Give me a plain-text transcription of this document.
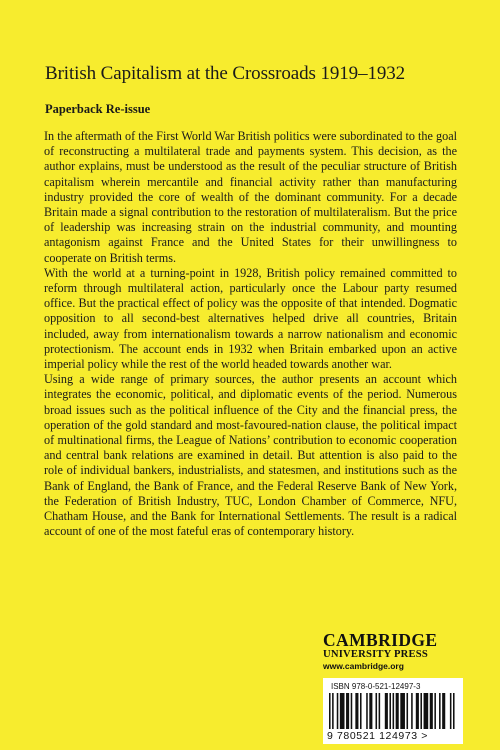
British Capitalism at the Crossroads 1919–1932
Paperback Re-issue

In the aftermath of the First World War British politics were subordinated to the goal of reconstructing a multilateral trade and payments system. This decision, as the author explains, must be understood as the result of the peculiar structure of British capitalism wherein mercantile and financial activity rather than manufacturing industry provided the core of wealth of the dominant community. For a decade Britain made a signal contribution to the restoration of multilateralism. But the price of leadership was increasing strain on the industrial community, and mounting antagonism against France and the United States for their unwillingness to cooperate on British terms.

With the world at a turning-point in 1928, British policy remained committed to reform through multilateral action, particularly once the Labour party resumed office. But the practical effect of policy was the opposite of that intended. Dogmatic opposition to all second-best alternatives helped drive all countries, Britain included, away from internationalism towards a narrow nationalism and economic protectionism. The account ends in 1932 when Britain embarked upon an active imperial policy while the rest of the world headed towards another war.

Using a wide range of primary sources, the author presents an account which integrates the economic, political, and diplomatic events of the period. Numerous broad issues such as the political influence of the City and the financial press, the operation of the gold standard and most-favoured-nation clause, the political impact of multinational firms, the League of Nations’ contribution to economic cooperation and central bank relations are examined in detail. But attention is also paid to the role of individual bankers, industrialists, and statesmen, and institutions such as the Bank of England, the Bank of France, and the Federal Reserve Bank of New York, the Federation of British Industry, TUC, London Chamber of Commerce, NFU, Chatham House, and the Bank for International Settlements. The result is a radical account of one of the most fateful eras of contemporary history.

CAMBRIDGE
UNIVERSITY PRESS
www.cambridge.org
ISBN 978-0-521-12497-3
9 780521 124973 >
